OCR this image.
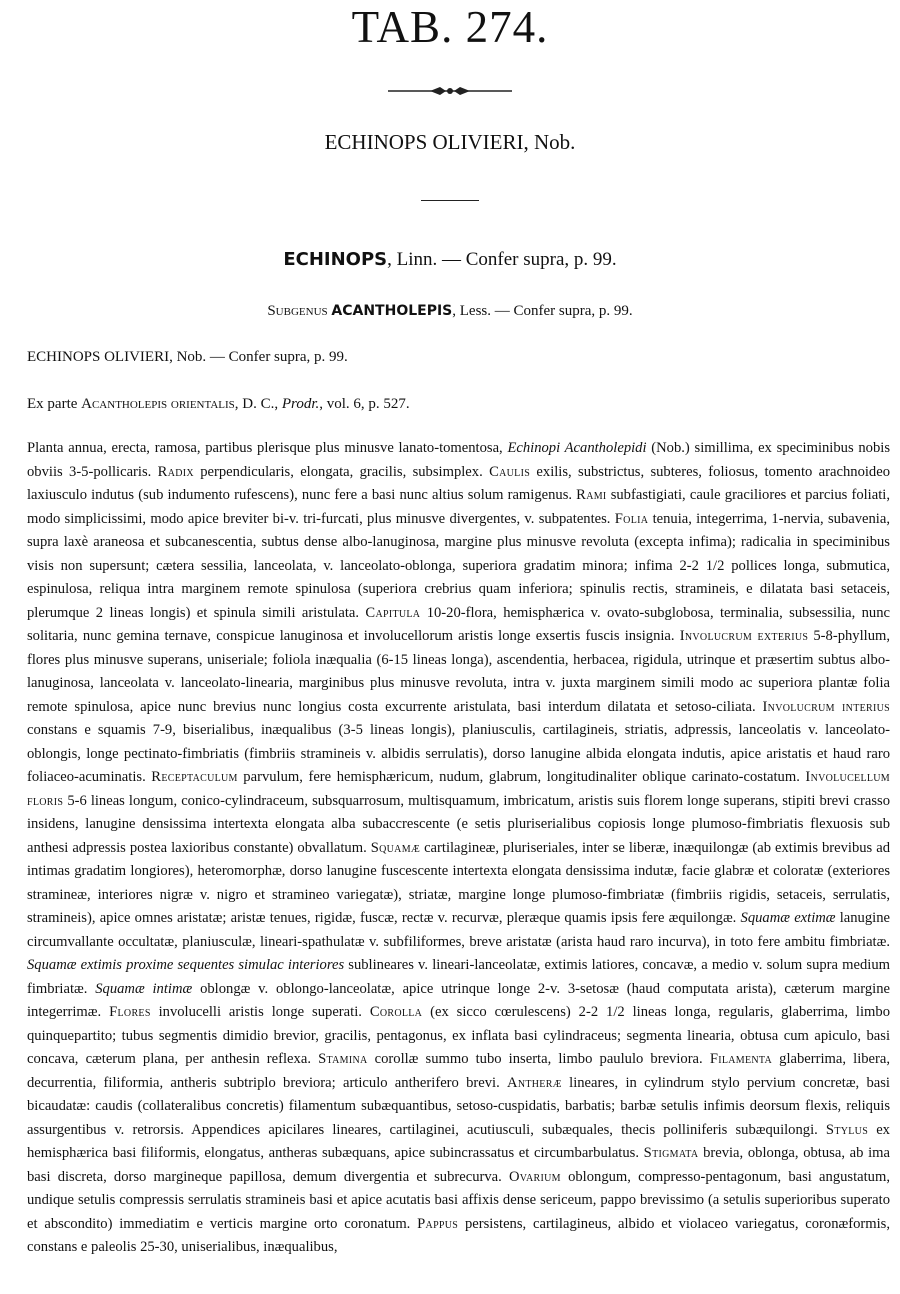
TAB. 274.
ECHINOPS OLIVIERI, Nob.
ECHINOPS, Linn. — Confer supra, p. 99.
Subgenus ACANTHOLEPIS, Less. — Confer supra, p. 99.
ECHINOPS OLIVIERI, Nob. — Confer supra, p. 99.
Ex parte Acantholepis orientalis, D. C., Prodr., vol. 6, p. 527.

Planta annua, erecta, ramosa, partibus plerisque plus minusve lanato-tomentosa, Echinopi Acantholepidi (Nob.) simillima, ex speciminibus nobis obviis 3-5-pollicaris. Radix perpendicularis, elongata, gracilis, subsimplex. Caulis exilis, substrictus, subteres, foliosus, tomento arachnoideo laxiusculo indutus (sub indumento rufescens), nunc fere a basi nunc altius solum ramigenus. Rami subfastigiati, caule graciliores et parcius foliati, modo simplicissimi, modo apice breviter bi-v. tri-furcati, plus minusve divergentes, v. subpatentes. Folia tenuia, integerrima, 1-nervia, subavenia, supra laxè araneosa et subcanescentia, subtus dense albo-lanuginosa, margine plus minusve revoluta (excepta infima); radicalia in speciminibus visis non supersunt; cætera sessilia, lanceolata, v. lanceolato-oblonga, superiora gradatim minora; infima 2-2 1/2 pollices longa, submutica, espinulosa, reliqua intra marginem remote spinulosa (superiora crebrius quam inferiora; spinulis rectis, stramineis, e dilatata basi setaceis, plerumque 2 lineas longis) et spinula simili aristulata. Capitula 10-20-flora, hemisphærica v. ovato-subglobosa, terminalia, subsessilia, nunc solitaria, nunc gemina ternave, conspicue lanuginosa et involucellorum aristis longe exsertis fuscis insignia. Involucrum exterius 5-8-phyllum, flores plus minusve superans, uniseriale; foliola inæqualia (6-15 lineas longa), ascendentia, herbacea, rigidula, utrinque et præsertim subtus albo-lanuginosa, lanceolata v. lanceolato-linearia, marginibus plus minusve revoluta, intra v. juxta marginem simili modo ac superiora plantæ folia remote spinulosa, apice nunc brevius nunc longius costa excurrente aristulata, basi interdum dilatata et setoso-ciliata. Involucrum interius constans e squamis 7-9, biserialibus, inæqualibus (3-5 lineas longis), planiusculis, cartilagineis, striatis, adpressis, lanceolatis v. lanceolato-oblongis, longe pectinato-fimbriatis (fimbriis stramineis v. albidis serrulatis), dorso lanugine albida elongata indutis, apice aristatis et haud raro foliaceo-acuminatis. Receptaculum parvulum, fere hemisphæricum, nudum, glabrum, longitudinaliter oblique carinato-costatum. Involucellum floris 5-6 lineas longum, conico-cylindraceum, subsquarrosum, multisquamum, imbricatum, aristis suis florem longe superans, stipiti brevi crasso insidens, lanugine densissima intertexta elongata alba subaccrescente (e setis pluriserialibus copiosis longe plumoso-fimbriatis flexuosis sub anthesi adpressis postea laxioribus constante) obvallatum. Squamæ cartilagineæ, pluriseriales, inter se liberæ, inæquilongæ (ab extimis brevibus ad intimas gradatim longiores), heteromorphæ, dorso lanugine fuscescente intertexta elongata densissima indutæ, facie glabræ et coloratæ (exteriores stramineæ, interiores nigræ v. nigro et stramineo variegatæ), striatæ, margine longe plumoso-fimbriatæ (fimbriis rigidis, setaceis, serrulatis, stramineis), apice omnes aristatæ; aristæ tenues, rigidæ, fuscæ, rectæ v. recurvæ, pleræque quamis ipsis fere æquilongæ. Squamæ extimæ lanugine circumvallante occultatæ, planiusculæ, lineari-spathulatæ v. subfiliformes, breve aristatæ (arista haud raro incurva), in toto fere ambitu fimbriatæ. Squamæ extimis proxime sequentes simulac interiores sublineares v. lineari-lanceolatæ, extimis latiores, concavæ, a medio v. solum supra medium fimbriatæ. Squamæ intimæ oblongæ v. oblongo-lanceolatæ, apice utrinque longe 2-v. 3-setosæ (haud computata arista), cæterum margine integerrimæ. Flores involucelli aristis longe superati. Corolla (ex sicco cœrulescens) 2-2 1/2 lineas longa, regularis, glaberrima, limbo quinquepartito; tubus segmentis dimidio brevior, gracilis, pentagonus, ex inflata basi cylindraceus; segmenta linearia, obtusa cum apiculo, basi concava, cæterum plana, per anthesin reflexa. Stamina corollæ summo tubo inserta, limbo paululo breviora. Filamenta glaberrima, libera, decurrentia, filiformia, antheris subtriplo breviora; articulo antherifero brevi. Antheræ lineares, in cylindrum stylo pervium concretæ, basi bicaudatæ: caudis (collateralibus concretis) filamentum subæquantibus, setoso-cuspidatis, barbatis; barbæ setulis infimis deorsum flexis, reliquis assurgentibus v. retrorsis. Appendices apicilares lineares, cartilaginei, acutiusculi, subæquales, thecis polliniferis subæquilongi. Stylus ex hemisphærica basi filiformis, elongatus, antheras subæquans, apice subincrassatus et circumbarbulatus. Stigmata brevia, oblonga, obtusa, ab ima basi discreta, dorso margineque papillosa, demum divergentia et subrecurva. Ovarium oblongum, compresso-pentagonum, basi angustatum, undique setulis compressis serrulatis stramineis basi et apice acutatis basi affixis dense sericeum, pappo brevissimo (a setulis superioribus superato et abscondito) immediatim e verticis margine orto coronatum. Pappus persistens, cartilagineus, albido et violaceo variegatus, coronæformis, constans e paleolis 25-30, uniserialibus, inæqualibus,
